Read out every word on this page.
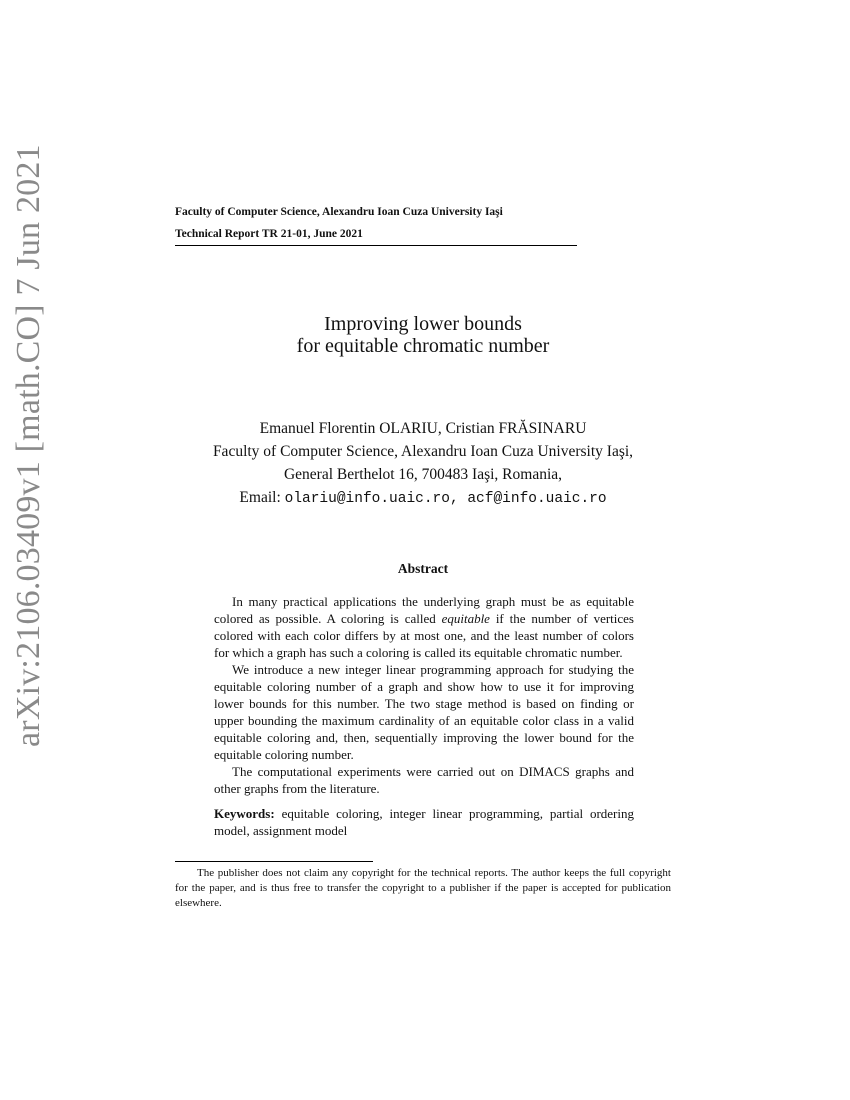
arXiv:2106.03409v1 [math.CO] 7 Jun 2021	Faculty of Computer Science, Alexandru Ioan Cuza University Iaşi
Technical Report TR 21-01, June 2021
Improving lower bounds
for equitable chromatic number
Emanuel Florentin OLARIU, Cristian FRĂSINARU
Faculty of Computer Science, Alexandru Ioan Cuza University Iaşi,
General Berthelot 16, 700483 Iaşi, Romania,
Email: olariu@info.uaic.ro, acf@info.uaic.ro
Abstract

In many practical applications the underlying graph must be as equitable colored as possible. A coloring is called equitable if the number of vertices colored with each color differs by at most one, and the least number of colors for which a graph has such a coloring is called its equitable chromatic number.

We introduce a new integer linear programming approach for studying the equitable coloring number of a graph and show how to use it for improving lower bounds for this number. The two stage method is based on finding or upper bounding the maximum cardinality of an equitable color class in a valid equitable coloring and, then, sequentially improving the lower bound for the equitable coloring number.

The computational experiments were carried out on DIMACS graphs and other graphs from the literature.

Keywords: equitable coloring, integer linear programming, partial ordering model, assignment model

The publisher does not claim any copyright for the technical reports. The author keeps the full copyright for the paper, and is thus free to transfer the copyright to a publisher if the paper is accepted for publication elsewhere.
